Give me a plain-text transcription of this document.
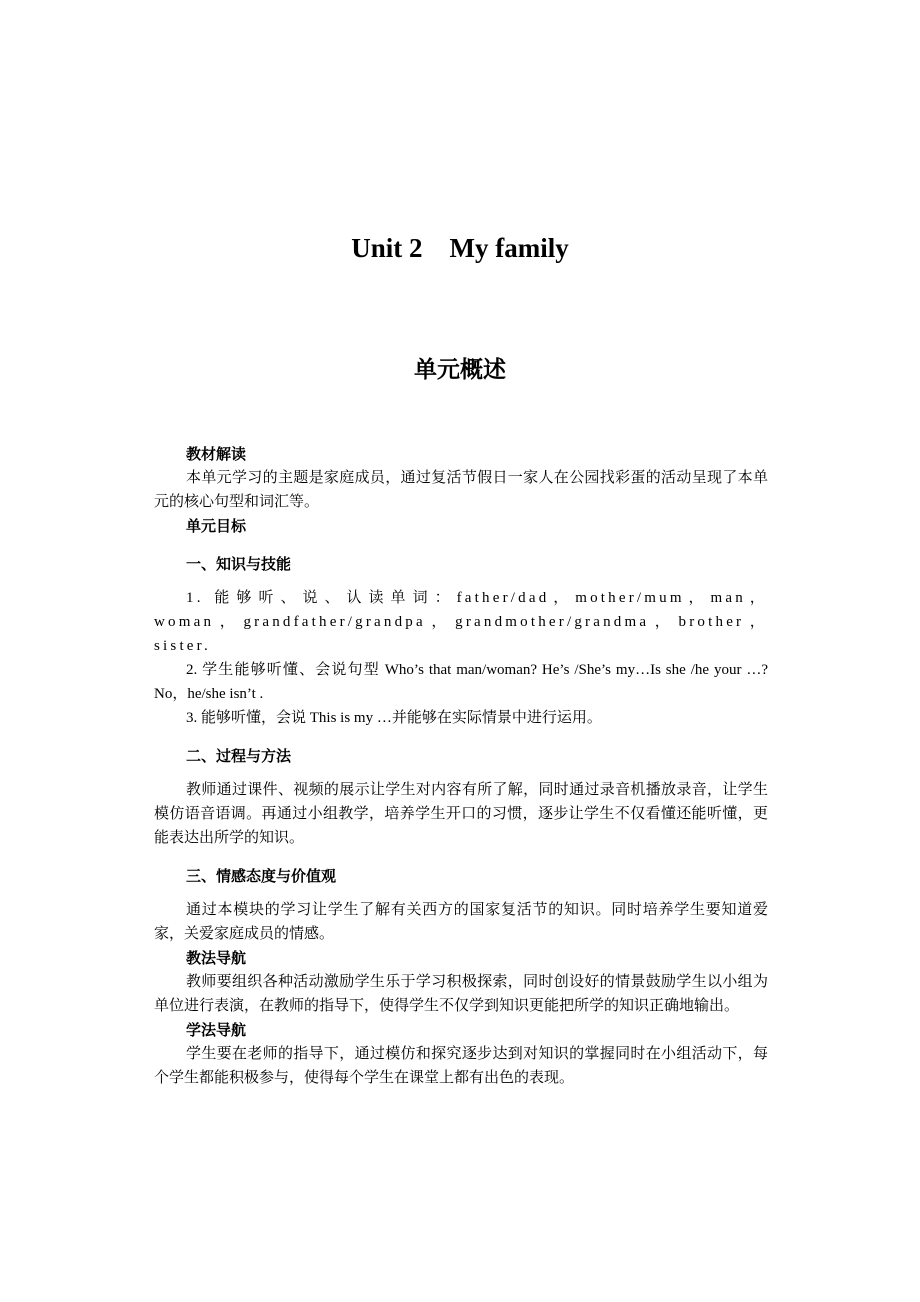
Unit 2    My family
单元概述
教材解读

本单元学习的主题是家庭成员，通过复活节假日一家人在公园找彩蛋的活动呈现了本单元的核心句型和词汇等。

单元目标
一、知识与技能

1. 能够听、说、认读单词：father/dad，mother/mum，man，woman，grandfather/grandpa，grandmother/grandma，brother，sister.

2. 学生能够听懂、会说句型 Who’s that man/woman? He’s /She’s my…Is she /he your …? No，he/she isn’t .

3. 能够听懂，会说 This is my …并能够在实际情景中进行运用。

二、过程与方法

教师通过课件、视频的展示让学生对内容有所了解，同时通过录音机播放录音，让学生模仿语音语调。再通过小组教学，培养学生开口的习惯，逐步让学生不仅看懂还能听懂，更能表达出所学的知识。

三、情感态度与价值观

通过本模块的学习让学生了解有关西方的国家复活节的知识。同时培养学生要知道爱家，关爱家庭成员的情感。

教法导航

教师要组织各种活动激励学生乐于学习积极探索，同时创设好的情景鼓励学生以小组为单位进行表演，在教师的指导下，使得学生不仅学到知识更能把所学的知识正确地输出。

学法导航

学生要在老师的指导下，通过模仿和探究逐步达到对知识的掌握同时在小组活动下，每个学生都能积极参与，使得每个学生在课堂上都有出色的表现。
